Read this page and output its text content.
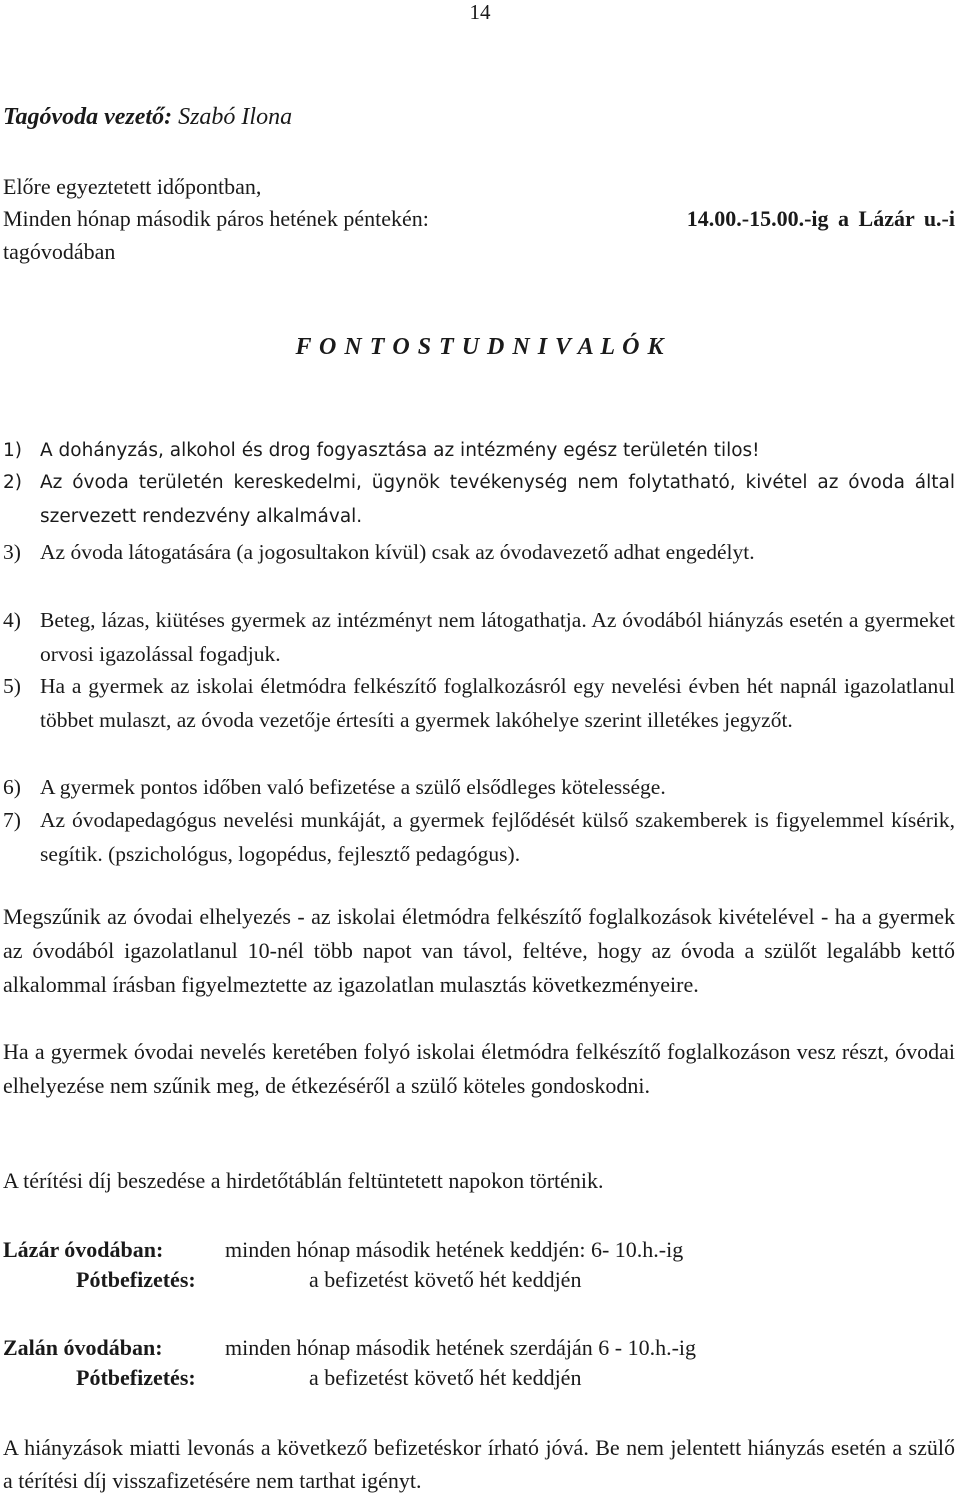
14
Tagóvoda vezető: Szabó Ilona
Előre egyeztetett időpontban,
Minden hónap második páros hetének péntekén:	14.00.-15.00.-ig a Lázár u.-i
tagóvodában
F O N T O S T U D N I V A L Ó K
1) A dohányzás, alkohol és drog fogyasztása az intézmény egész területén tilos!
2) Az óvoda területén kereskedelmi, ügynök tevékenység nem folytatható, kivétel az óvoda által szervezett rendezvény alkalmával.
3) Az óvoda látogatására (a jogosultakon kívül) csak az óvodavezető adhat engedélyt.
4) Beteg, lázas, kiütéses gyermek az intézményt nem látogathatja. Az óvodából hiányzás esetén a gyermeket orvosi igazolással fogadjuk.
5) Ha a gyermek az iskolai életmódra felkészítő foglalkozásról egy nevelési évben hét napnál igazolatlanul többet mulaszt, az óvoda vezetője értesíti a gyermek lakóhelye szerint illetékes jegyzőt.
6) A gyermek pontos időben való befizetése a szülő elsődleges kötelessége.
7) Az óvodapedagógus nevelési munkáját, a gyermek fejlődését külső szakemberek is figyelemmel kísérik, segítik. (pszichológus, logopédus, fejlesztő pedagógus).
Megszűnik az óvodai elhelyezés - az iskolai életmódra felkészítő foglalkozások kivételével - ha a gyermek az óvodából igazolatlanul 10-nél több napot van távol, feltéve, hogy az óvoda a szülőt legalább kettő alkalommal írásban figyelmeztette az igazolatlan mulasztás következményeire.
Ha a gyermek óvodai nevelés keretében folyó iskolai életmódra felkészítő foglalkozáson vesz részt, óvodai elhelyezése nem szűnik meg, de étkezéséről a szülő köteles gondoskodni.
A térítési díj beszedése a hirdetőtáblán feltüntetett napokon történik.
Lázár óvodában:	minden hónap második hetének keddjén: 6- 10.h.-ig
Pótbefizetés:	a befizetést követő hét keddjén
Zalán óvodában:	minden hónap második hetének szerdáján 6 - 10.h.-ig
Pótbefizetés:	a befizetést követő hét keddjén
A hiányzások miatti levonás a következő befizetéskor írható jóvá. Be nem jelentett hiányzás esetén a szülő a térítési díj visszafizetésére nem tarthat igényt.
